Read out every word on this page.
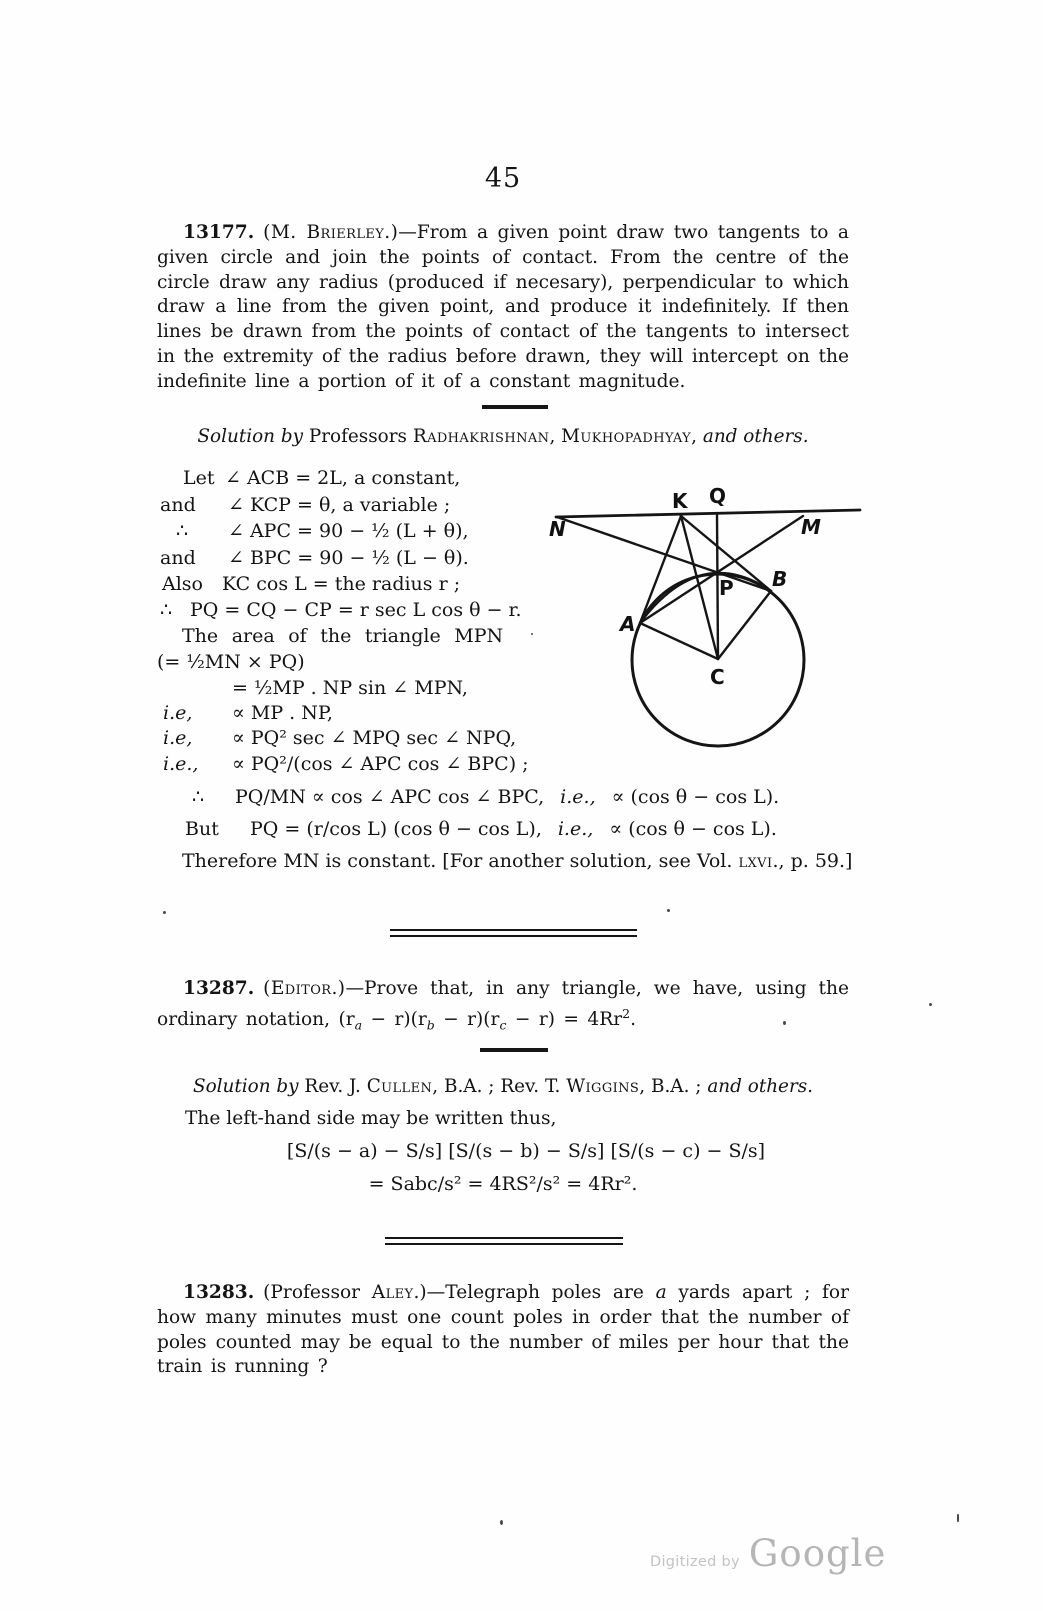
45

13177. (M. Brierley.)—From a given point draw two tangents to a given circle and join the points of contact. From the centre of the circle draw any radius (produced if necesary), perpendicular to which draw a line from the given point, and produce it indefinitely. If then lines be drawn from the points of contact of the tangents to intersect in the extremity of the radius before drawn, they will intercept on the indefinite line a portion of it of a constant magnitude.

Solution by Professors Radhakrishnan, Mukhopadhyay, and others.
Let ∠ ACB = 2L, a constant,
and ∠ KCP = θ, a variable ;
∴ ∠ APC = 90 − ½ (L + θ),
and ∠ BPC = 90 − ½ (L − θ).
Also KC cos L = the radius r ;
∴ PQ = CQ − CP = r sec L cos θ − r.
The area of the triangle MPN
(= ½MN × PQ)
= ½MP . NP sin ∠ MPN,
i.e, ∝ MP . NP,
i.e, ∝ PQ² sec ∠ MPQ sec ∠ NPQ,
i.e., ∝ PQ²/(cos ∠ APC cos ∠ BPC) ;
∴ PQ/MN ∝ cos ∠ APC cos ∠ BPC, i.e., ∝ (cos θ − cos L).
But PQ = (r/cos L) (cos θ − cos L), i.e., ∝ (cos θ − cos L).
Therefore MN is constant. [For another solution, see Vol. lxvi., p. 59.]
N
K Q
M
P B
A
C

13287. (Editor.)—Prove that, in any triangle, we have, using the ordinary notation, $(r_a - r)(r_b - r)(r_c - r) = 4Rr^2$.

Solution by Rev. J. Cullen, B.A. ; Rev. T. Wiggins, B.A. ; and others.
The left-hand side may be written thus,
[S/(s − a) − S/s] [S/(s − b) − S/s] [S/(s − c) − S/s]
= Sabc/s² = 4RS²/s² = 4Rr².

13283. (Professor Aley.)—Telegraph poles are a yards apart ; for how many minutes must one count poles in order that the number of poles counted may be equal to the number of miles per hour that the train is running ?

Digitized by Google
